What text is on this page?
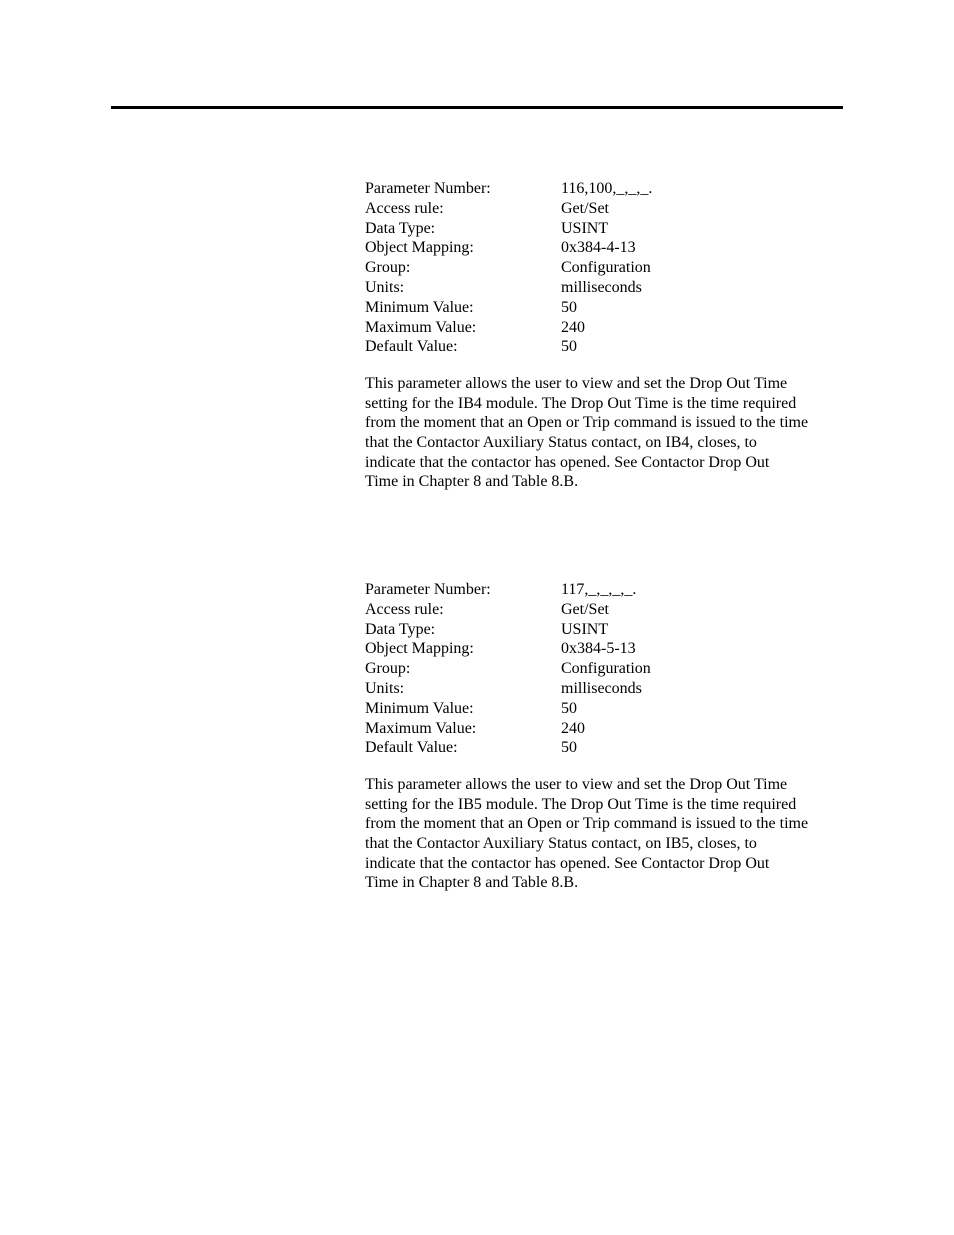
Parameter Number:	116,100,_,_,_.
Access rule:	Get/Set
Data Type:	USINT
Object Mapping:	0x384-4-13
Group:	Configuration
Units:	milliseconds
Minimum Value:	50
Maximum Value:	240
Default Value:	50

This parameter allows the user to view and set the Drop Out Time
setting for the IB4 module. The Drop Out Time is the time required
from the moment that an Open or Trip command is issued to the time
that the Contactor Auxiliary Status contact, on IB4, closes, to
indicate that the contactor has opened. See Contactor Drop Out
Time in Chapter 8 and Table 8.B.

Parameter Number:	117,_,_,_,_.
Access rule:	Get/Set
Data Type:	USINT
Object Mapping:	0x384-5-13
Group:	Configuration
Units:	milliseconds
Minimum Value:	50
Maximum Value:	240
Default Value:	50

This parameter allows the user to view and set the Drop Out Time
setting for the IB5 module. The Drop Out Time is the time required
from the moment that an Open or Trip command is issued to the time
that the Contactor Auxiliary Status contact, on IB5, closes, to
indicate that the contactor has opened. See Contactor Drop Out
Time in Chapter 8 and Table 8.B.
